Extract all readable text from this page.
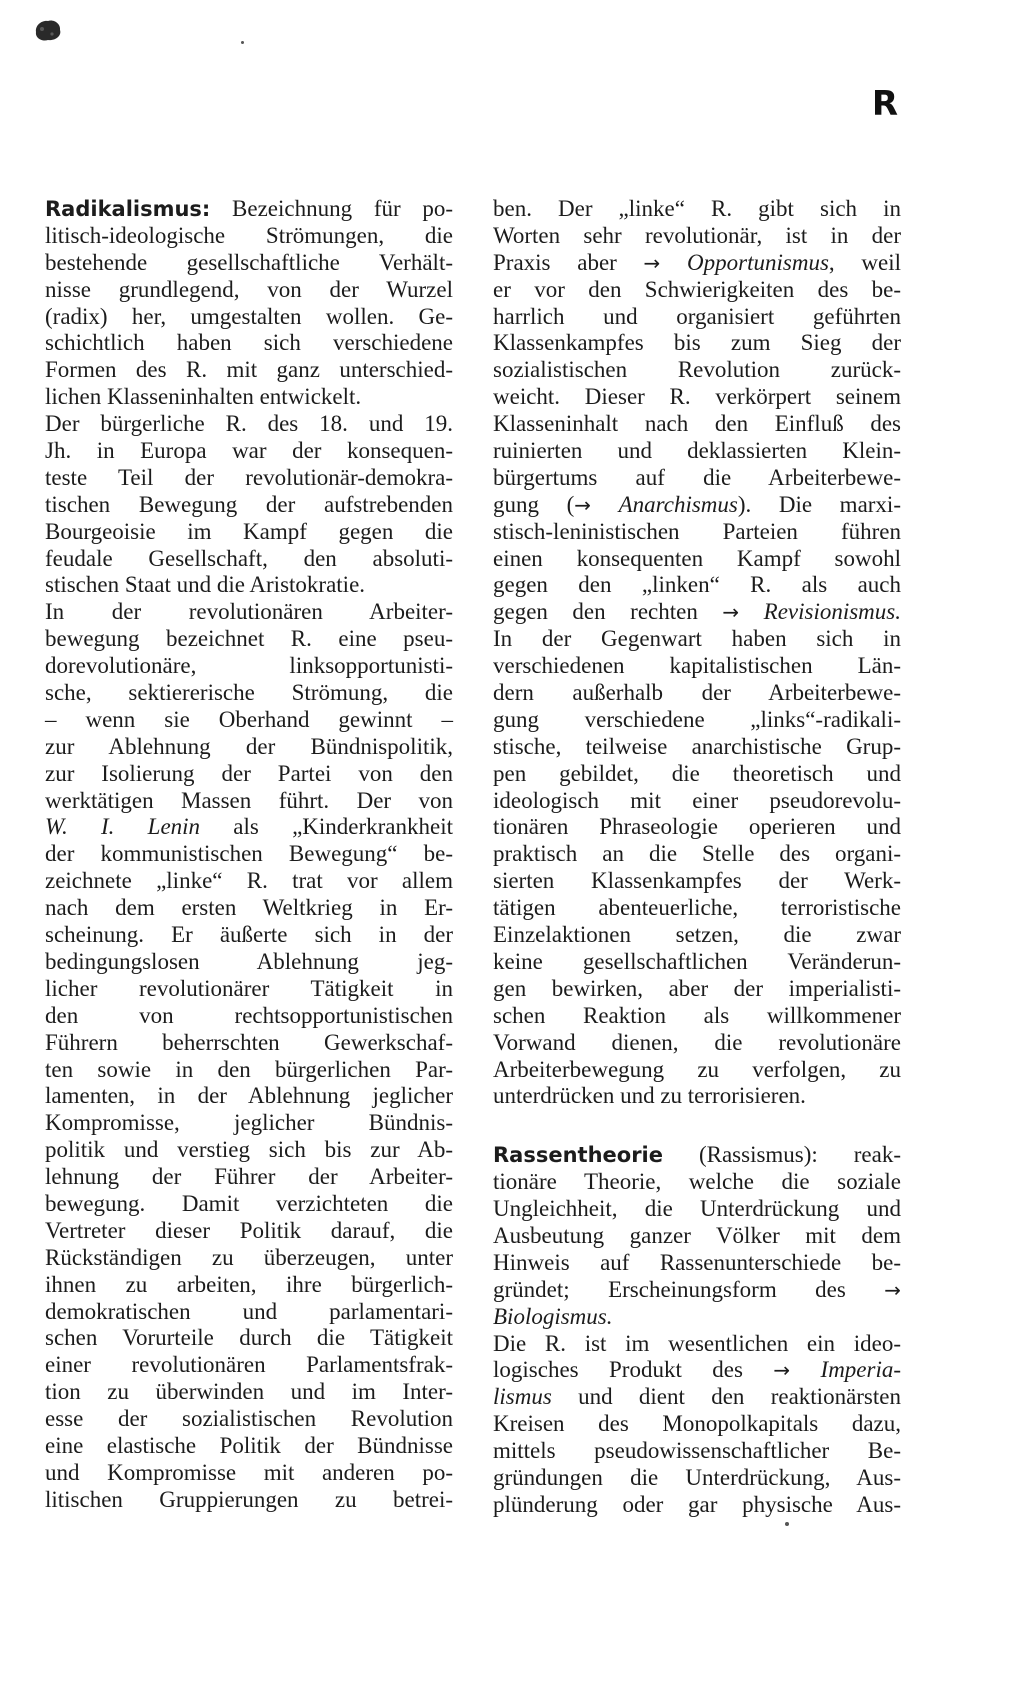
R
Radikalismus: Bezeichnung für po-
litisch-ideologische Strömungen, die
bestehende gesellschaftliche Verhält-
nisse grundlegend, von der Wurzel
(radix) her, umgestalten wollen. Ge-
schichtlich haben sich verschiedene
Formen des R. mit ganz unterschied-
lichen Klasseninhalten entwickelt.
Der bürgerliche R. des 18. und 19.
Jh. in Europa war der konsequen-
teste Teil der revolutionär-demokra-
tischen Bewegung der aufstrebenden
Bourgeoisie im Kampf gegen die
feudale Gesellschaft, den absoluti-
stischen Staat und die Aristokratie.
In der revolutionären Arbeiter-
bewegung bezeichnet R. eine pseu-
dorevolutionäre, linksopportunisti-
sche, sektiererische Strömung, die
– wenn sie Oberhand gewinnt –
zur Ablehnung der Bündnispolitik,
zur Isolierung der Partei von den
werktätigen Massen führt. Der von
W. I. Lenin als „Kinderkrankheit
der kommunistischen Bewegung“ be-
zeichnete „linke“ R. trat vor allem
nach dem ersten Weltkrieg in Er-
scheinung. Er äußerte sich in der
bedingungslosen Ablehnung jeg-
licher revolutionärer Tätigkeit in
den von rechtsopportunistischen
Führern beherrschten Gewerkschaf-
ten sowie in den bürgerlichen Par-
lamenten, in der Ablehnung jeglicher
Kompromisse, jeglicher Bündnis-
politik und verstieg sich bis zur Ab-
lehnung der Führer der Arbeiter-
bewegung. Damit verzichteten die
Vertreter dieser Politik darauf, die
Rückständigen zu überzeugen, unter
ihnen zu arbeiten, ihre bürgerlich-
demokratischen und parlamentari-
schen Vorurteile durch die Tätigkeit
einer revolutionären Parlamentsfrak-
tion zu überwinden und im Inter-
esse der sozialistischen Revolution
eine elastische Politik der Bündnisse
und Kompromisse mit anderen po-
litischen Gruppierungen zu betrei-
ben. Der „linke“ R. gibt sich in
Worten sehr revolutionär, ist in der
Praxis aber → Opportunismus, weil
er vor den Schwierigkeiten des be-
harrlich und organisiert geführten
Klassenkampfes bis zum Sieg der
sozialistischen Revolution zurück-
weicht. Dieser R. verkörpert seinem
Klasseninhalt nach den Einfluß des
ruinierten und deklassierten Klein-
bürgertums auf die Arbeiterbewe-
gung (→ Anarchismus). Die marxi-
stisch-leninistischen Parteien führen
einen konsequenten Kampf sowohl
gegen den „linken“ R. als auch
gegen den rechten → Revisionismus.
In der Gegenwart haben sich in
verschiedenen kapitalistischen Län-
dern außerhalb der Arbeiterbewe-
gung verschiedene „links“-radikali-
stische, teilweise anarchistische Grup-
pen gebildet, die theoretisch und
ideologisch mit einer pseudorevolu-
tionären Phraseologie operieren und
praktisch an die Stelle des organi-
sierten Klassenkampfes der Werk-
tätigen abenteuerliche, terroristische
Einzelaktionen setzen, die zwar
keine gesellschaftlichen Veränderun-
gen bewirken, aber der imperialisti-
schen Reaktion als willkommener
Vorwand dienen, die revolutionäre
Arbeiterbewegung zu verfolgen, zu
unterdrücken und zu terrorisieren.
Rassentheorie (Rassismus): reak-
tionäre Theorie, welche die soziale
Ungleichheit, die Unterdrückung und
Ausbeutung ganzer Völker mit dem
Hinweis auf Rassenunterschiede be-
gründet; Erscheinungsform des →
Biologismus.
Die R. ist im wesentlichen ein ideo-
logisches Produkt des → Imperia-
lismus und dient den reaktionärsten
Kreisen des Monopolkapitals dazu,
mittels pseudowissenschaftlicher Be-
gründungen die Unterdrückung, Aus-
plünderung oder gar physische Aus-
